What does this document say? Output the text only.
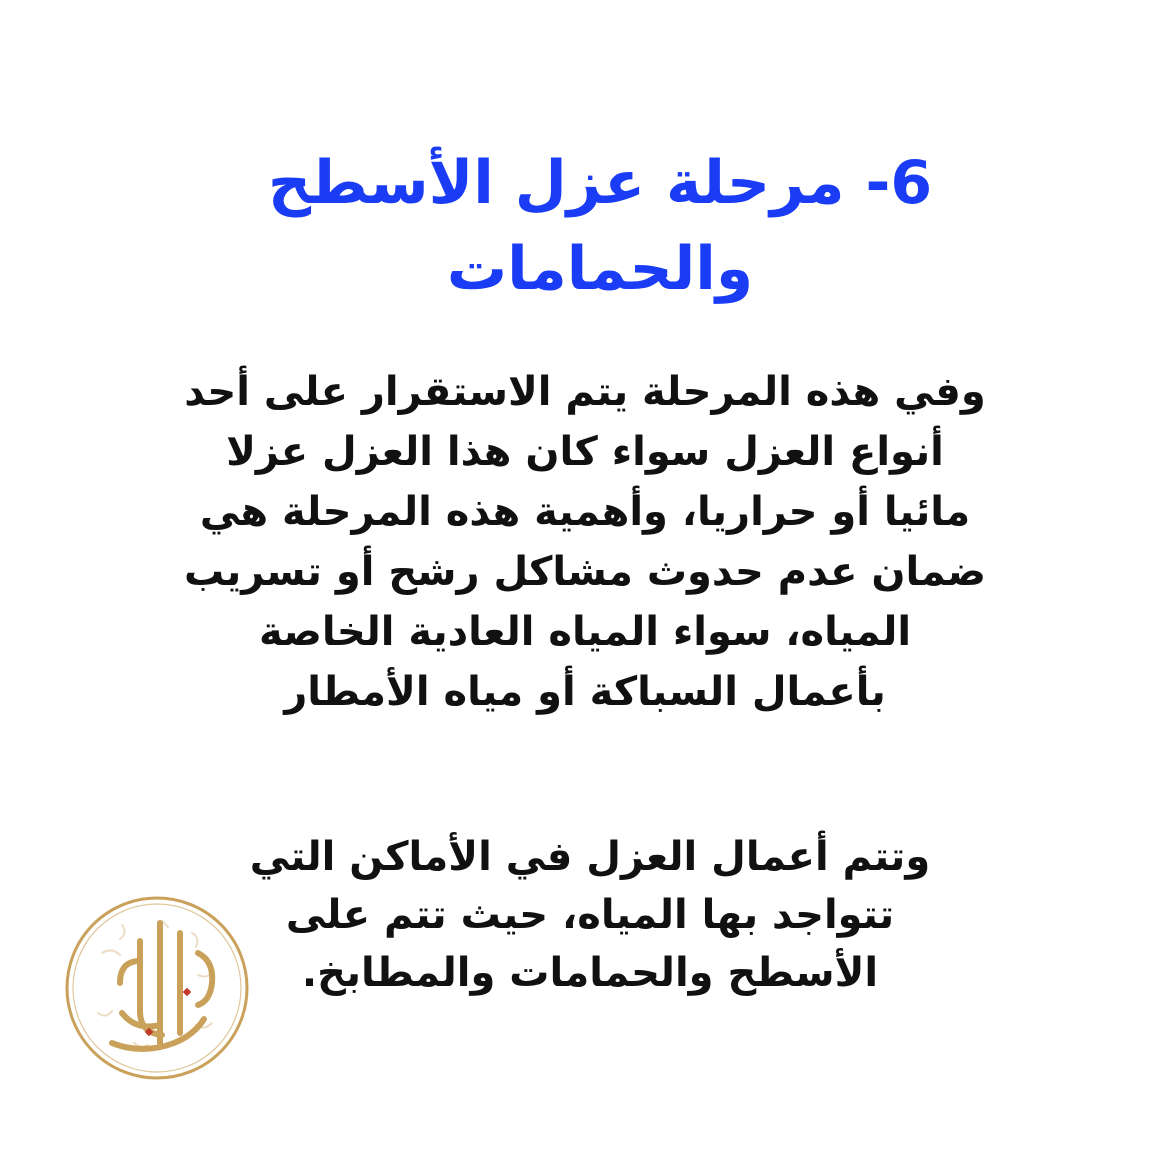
6- مرحلة عزل الأسطح
والحمامات
وفي هذه المرحلة يتم الاستقرار على أحد
أنواع العزل سواء كان هذا العزل عزلا
مائيا أو حراريا، وأهمية هذه المرحلة هي
ضمان عدم حدوث مشاكل رشح أو تسريب
المياه، سواء المياه العادية الخاصة
بأعمال السباكة أو مياه الأمطار
وتتم أعمال العزل في الأماكن التي
تتواجد بها المياه، حيث تتم على
الأسطح والحمامات والمطابخ.
